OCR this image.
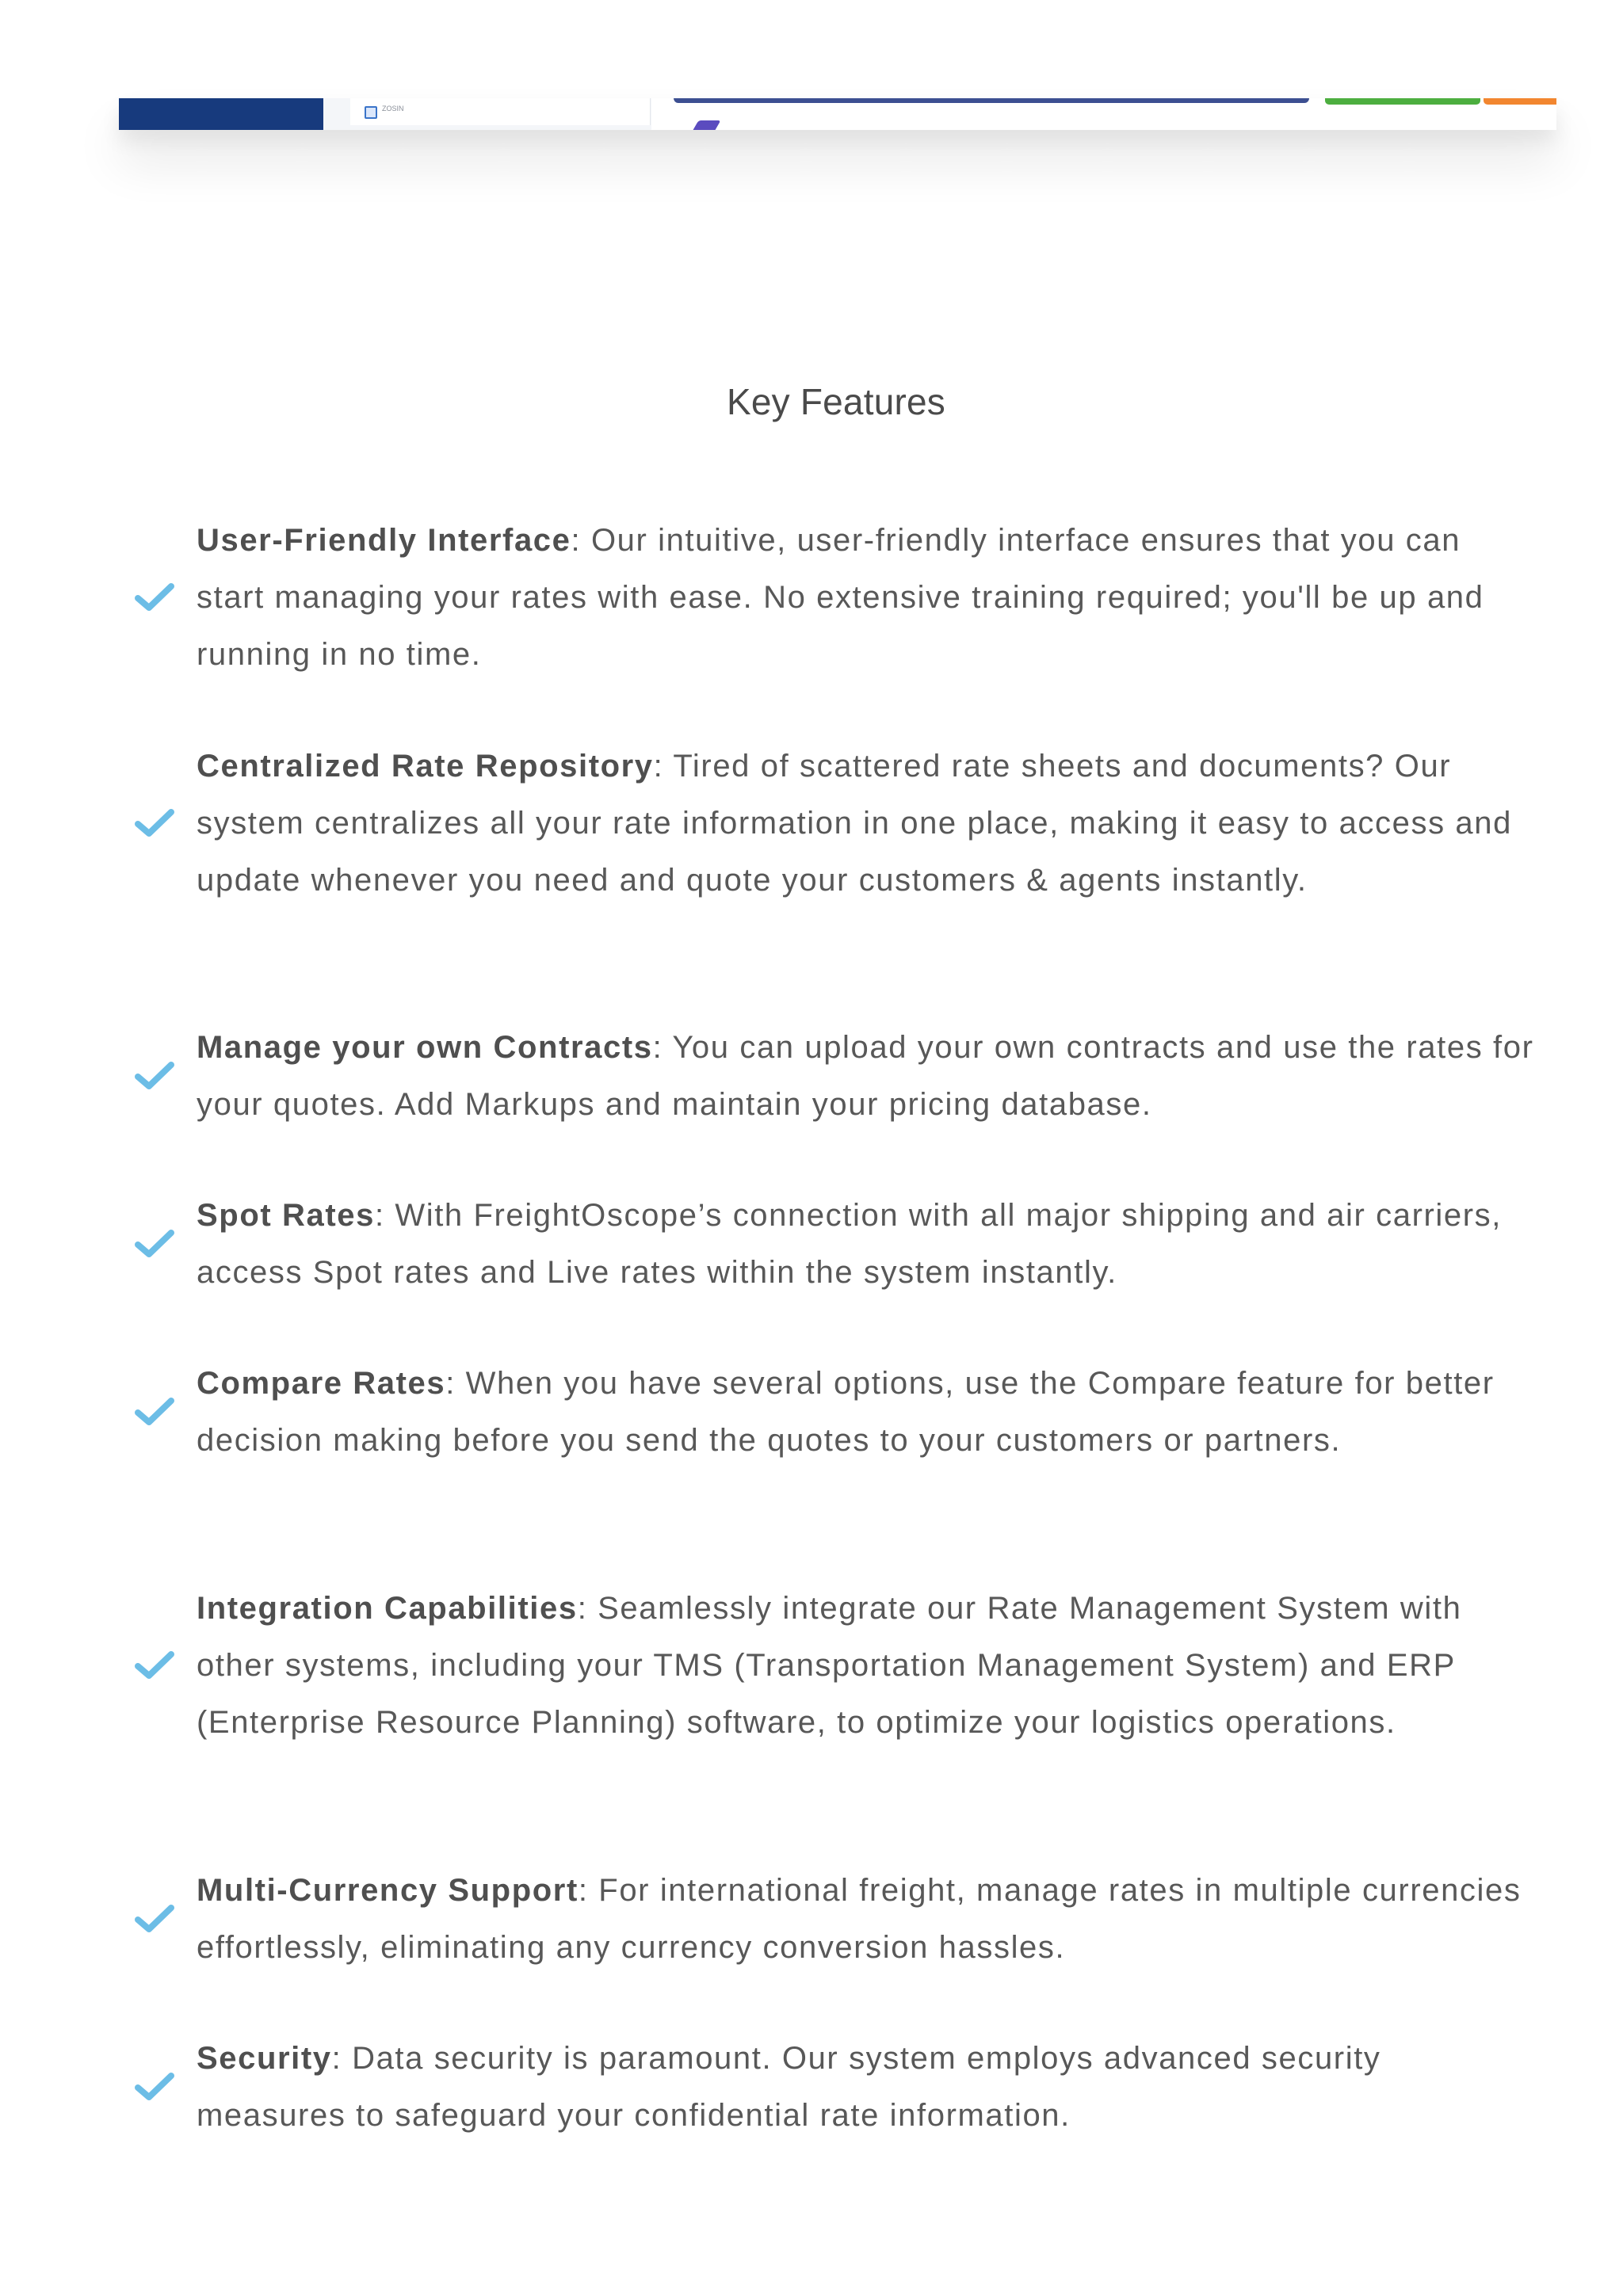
ZOSIN
Key Features

User-Friendly Interface: Our intuitive, user-friendly interface ensures that you can start managing your rates with ease. No extensive training required; you'll be up and running in no time.

Centralized Rate Repository: Tired of scattered rate sheets and documents? Our system centralizes all your rate information in one place, making it easy to access and update whenever you need and quote your customers & agents instantly.

Manage your own Contracts: You can upload your own contracts and use the rates for your quotes. Add Markups and maintain your pricing database.

Spot Rates: With FreightOscope’s connection with all major shipping and air carriers, access Spot rates and Live rates within the system instantly.

Compare Rates: When you have several options, use the Compare feature for better decision making before you send the quotes to your customers or partners.

Integration Capabilities: Seamlessly integrate our Rate Management System with other systems, including your TMS (Transportation Management System) and ERP (Enterprise Resource Planning) software, to optimize your logistics operations.

Multi-Currency Support: For international freight, manage rates in multiple currencies effortlessly, eliminating any currency conversion hassles.

Security: Data security is paramount. Our system employs advanced security measures to safeguard your confidential rate information.
